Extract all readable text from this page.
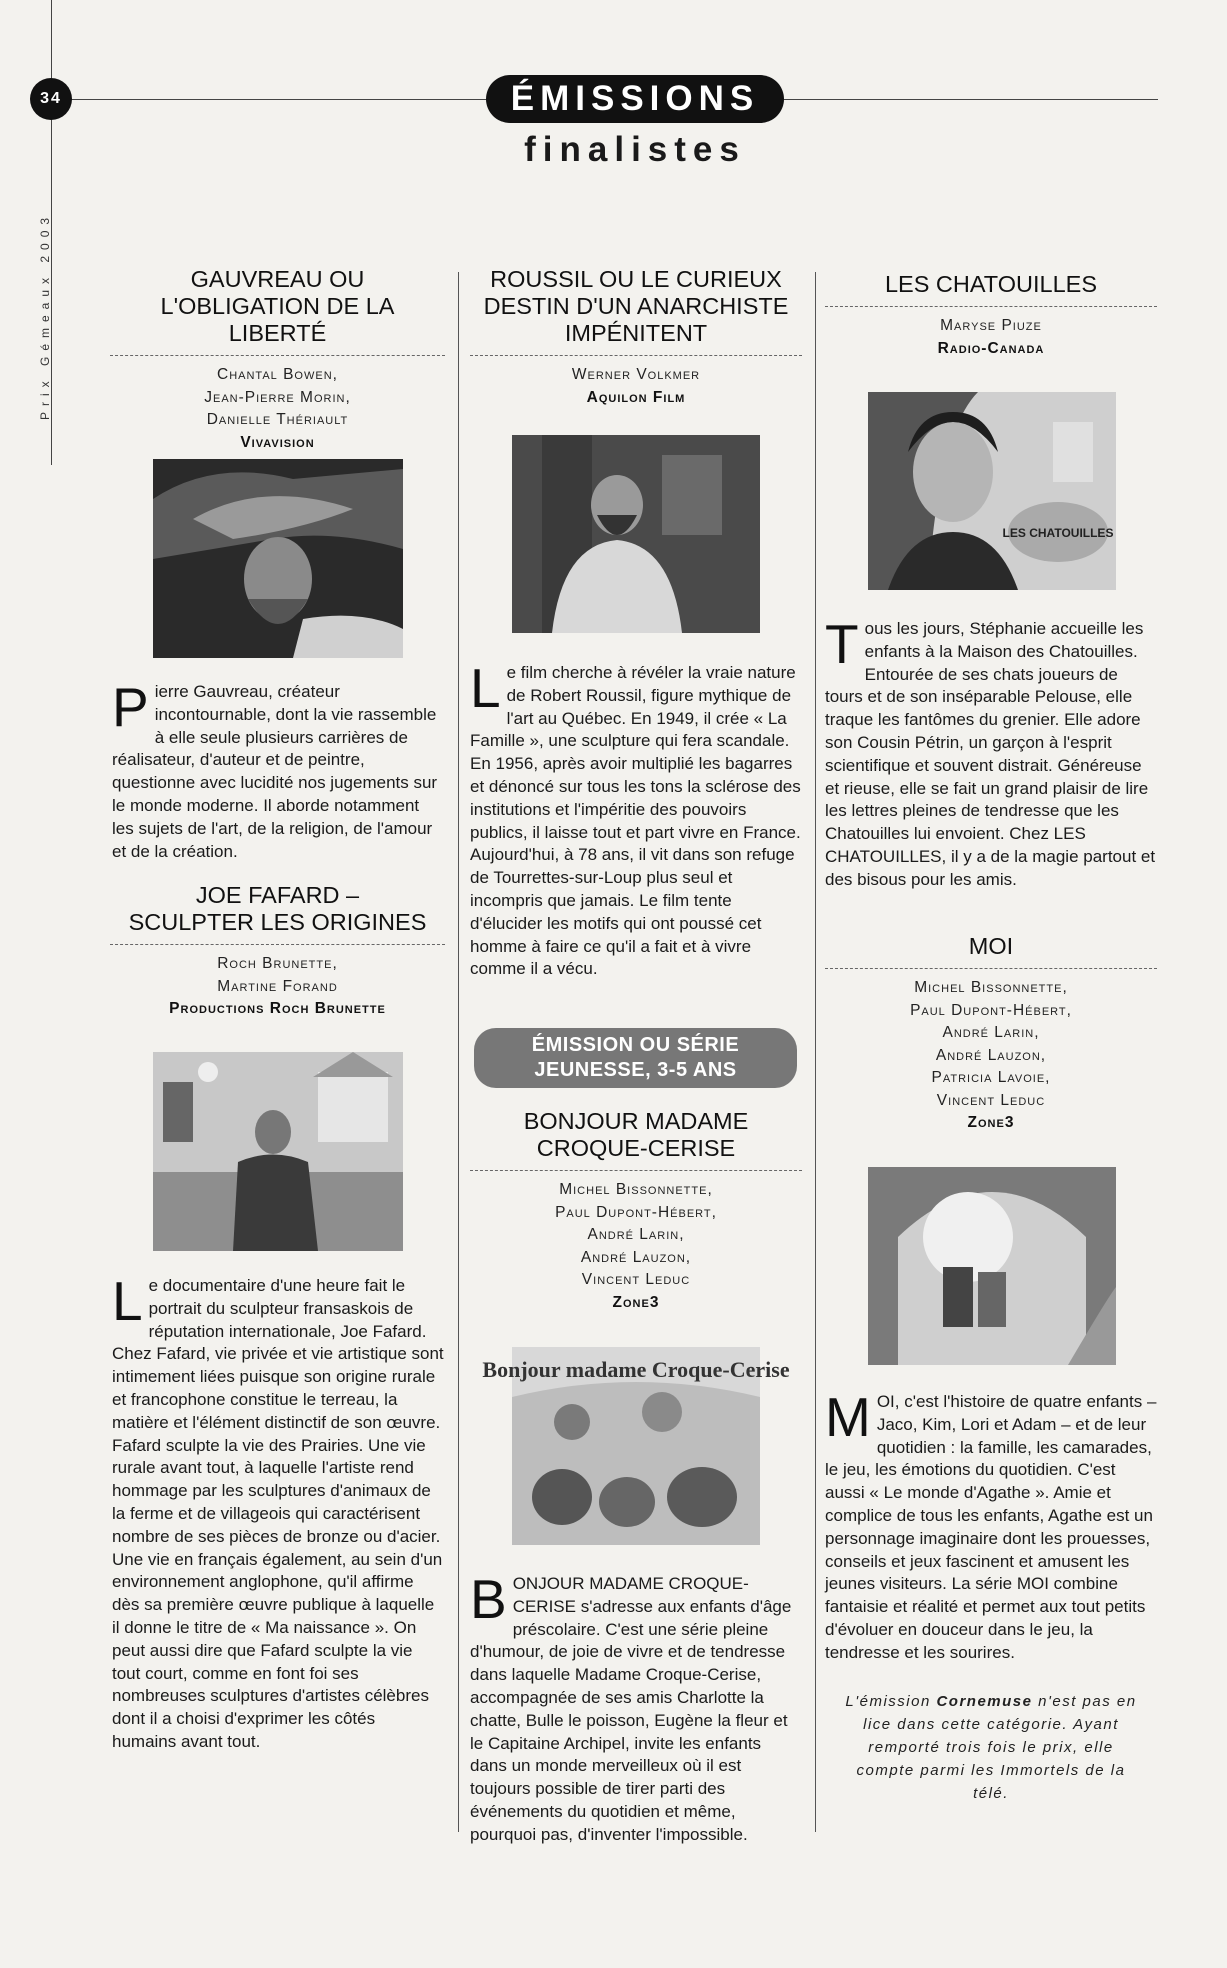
34
Prix Gémeaux 2003
ÉMISSIONS
finalistes
GAUVREAU OU
L'OBLIGATION DE LA LIBERTÉ
Chantal Bowen,
Jean-Pierre Morin,
Danielle Thériault
Vivavision

Pierre Gauvreau, créateur incontournable, dont la vie rassemble à elle seule plusieurs carrières de réalisateur, d'auteur et de peintre, questionne avec lucidité nos jugements sur le monde moderne. Il aborde notamment les sujets de l'art, de la religion, de l'amour et de la création.

JOE FAFARD –
SCULPTER LES ORIGINES
Roch Brunette,
Martine Forand
Productions Roch Brunette

Le documentaire d'une heure fait le portrait du sculpteur fransaskois de réputation internationale, Joe Fafard. Chez Fafard, vie privée et vie artistique sont intimement liées puisque son origine rurale et francophone constitue le terreau, la matière et l'élément distinctif de son œuvre. Fafard sculpte la vie des Prairies. Une vie rurale avant tout, à laquelle l'artiste rend hommage par les sculptures d'animaux de la ferme et de villageois qui caractérisent nombre de ses pièces de bronze ou d'acier. Une vie en français également, au sein d'un environnement anglophone, qu'il affirme dès sa première œuvre publique à laquelle il donne le titre de « Ma naissance ». On peut aussi dire que Fafard sculpte la vie tout court, comme en font foi ses nombreuses sculptures d'artistes célèbres dont il a choisi d'exprimer les côtés humains avant tout.

ROUSSIL OU LE CURIEUX
DESTIN D'UN ANARCHISTE
IMPÉNITENT
Werner Volkmer
Aquilon Film

Le film cherche à révéler la vraie nature de Robert Roussil, figure mythique de l'art au Québec. En 1949, il crée « La Famille », une sculpture qui fera scandale. En 1956, après avoir multiplié les bagarres et dénoncé sur tous les tons la sclérose des institutions et l'impéritie des pouvoirs publics, il laisse tout et part vivre en France. Aujourd'hui, à 78 ans, il vit dans son refuge de Tourrettes-sur-Loup plus seul et incompris que jamais. Le film tente d'élucider les motifs qui ont poussé cet homme à faire ce qu'il a fait et à vivre comme il a vécu.

ÉMISSION OU SÉRIE
JEUNESSE, 3-5 ANS
BONJOUR MADAME
CROQUE-CERISE
Michel Bissonnette,
Paul Dupont-Hébert,
André Larin,
André Lauzon,
Vincent Leduc
Zone3
Bonjour madame Croque-Cerise

BONJOUR MADAME CROQUE-CERISE s'adresse aux enfants d'âge préscolaire. C'est une série pleine d'humour, de joie de vivre et de tendresse dans laquelle Madame Croque-Cerise, accompagnée de ses amis Charlotte la chatte, Bulle le poisson, Eugène la fleur et le Capitaine Archipel, invite les enfants dans un monde merveilleux où il est toujours possible de tirer parti des événements du quotidien et même, pourquoi pas, d'inventer l'impossible.

LES CHATOUILLES
Maryse Piuze
Radio-Canada
LES CHATOUILLES

Tous les jours, Stéphanie accueille les enfants à la Maison des Chatouilles. Entourée de ses chats joueurs de tours et de son inséparable Pelouse, elle traque les fantômes du grenier. Elle adore son Cousin Pétrin, un garçon à l'esprit scientifique et souvent distrait. Généreuse et rieuse, elle se fait un grand plaisir de lire les lettres pleines de tendresse que les Chatouilles lui envoient. Chez LES CHATOUILLES, il y a de la magie partout et des bisous pour les amis.

MOI
Michel Bissonnette,
Paul Dupont-Hébert,
André Larin,
André Lauzon,
Patricia Lavoie,
Vincent Leduc
Zone3

MOI, c'est l'histoire de quatre enfants – Jaco, Kim, Lori et Adam – et de leur quotidien : la famille, les camarades, le jeu, les émotions du quotidien. C'est aussi « Le monde d'Agathe ». Amie et complice de tous les enfants, Agathe est un personnage imaginaire dont les prouesses, conseils et jeux fascinent et amusent les jeunes visiteurs. La série MOI combine fantaisie et réalité et permet aux tout petits d'évoluer en douceur dans le jeu, la tendresse et les sourires.

L'émission Cornemuse n'est pas en lice dans cette catégorie. Ayant remporté trois fois le prix, elle compte parmi les Immortels de la télé.
